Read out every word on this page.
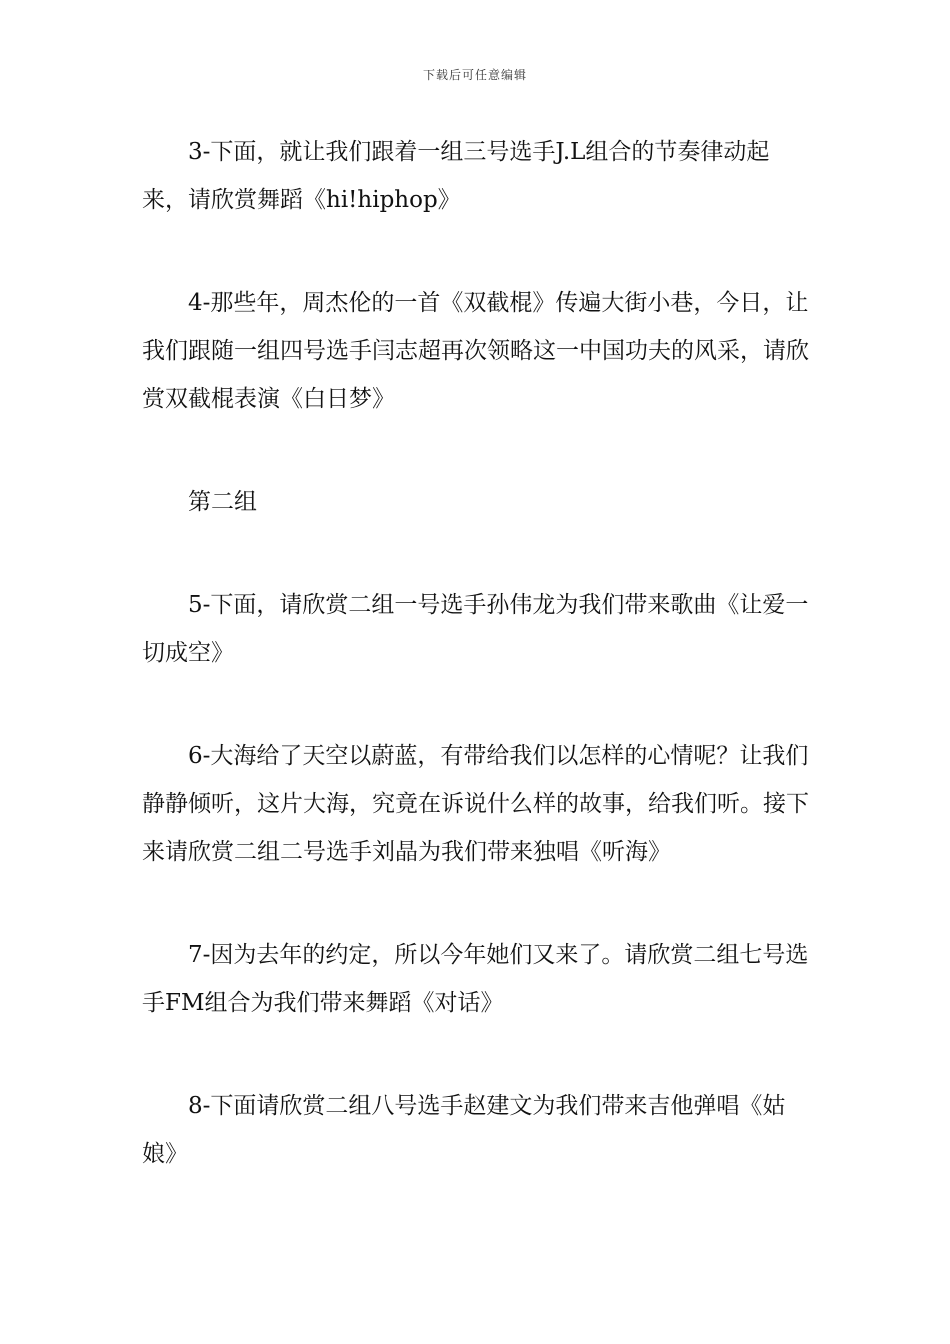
下载后可任意编辑

3-下面，就让我们跟着一组三号选手J.L组合的节奏律动起来，请欣赏舞蹈《hi!hiphop》

4-那些年，周杰伦的一首《双截棍》传遍大街小巷，今日，让我们跟随一组四号选手闫志超再次领略这一中国功夫的风采，请欣赏双截棍表演《白日梦》

第二组

5-下面，请欣赏二组一号选手孙伟龙为我们带来歌曲《让爱一切成空》

6-大海给了天空以蔚蓝，有带给我们以怎样的心情呢？让我们静静倾听，这片大海，究竟在诉说什么样的故事，给我们听。接下来请欣赏二组二号选手刘晶为我们带来独唱《听海》

7-因为去年的约定，所以今年她们又来了。请欣赏二组七号选手FM组合为我们带来舞蹈《对话》

8-下面请欣赏二组八号选手赵建文为我们带来吉他弹唱《姑娘》
